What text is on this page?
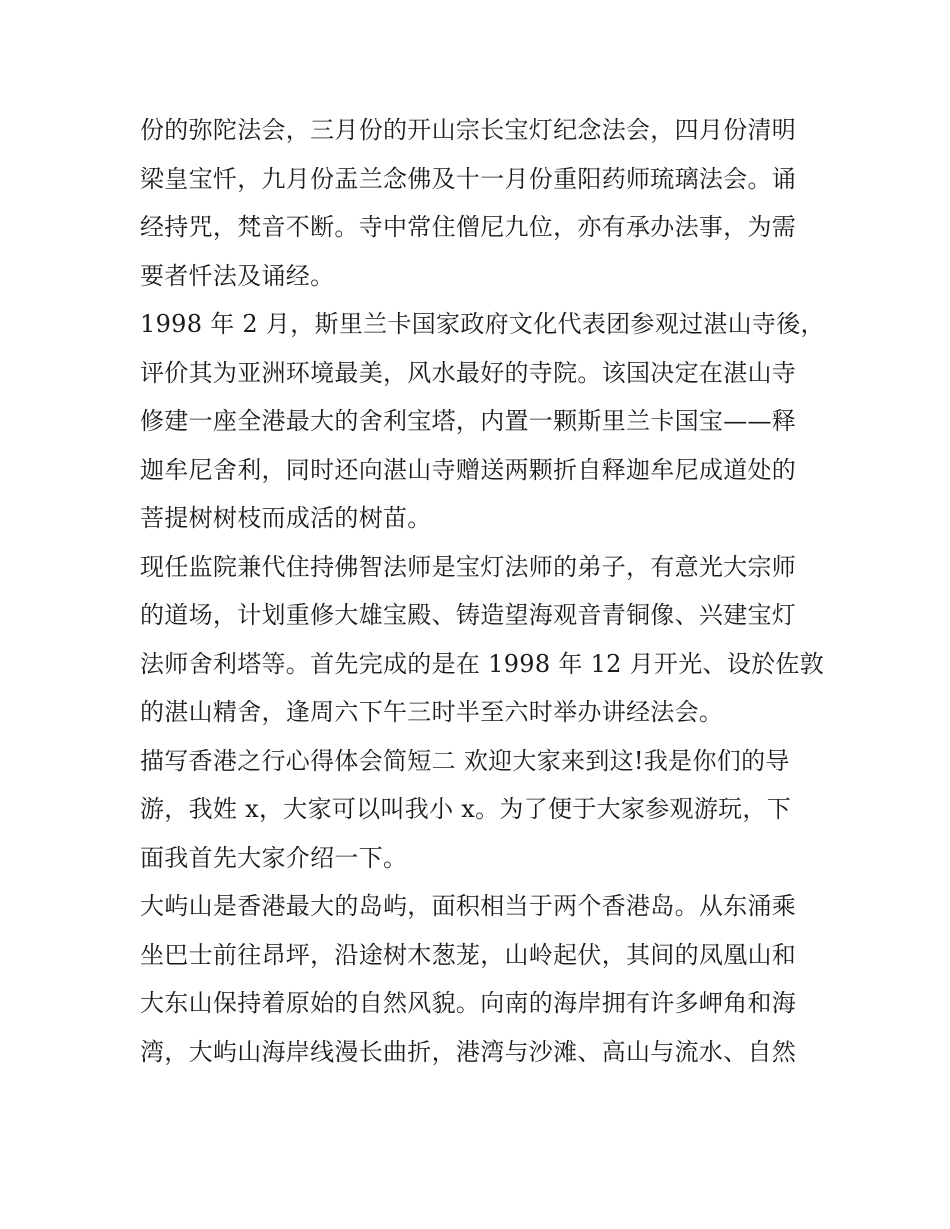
份的弥陀法会，三月份的开山宗长宝灯纪念法会，四月份清明
梁皇宝忏，九月份盂兰念佛及十一月份重阳药师琉璃法会。诵
经持咒，梵音不断。寺中常住僧尼九位，亦有承办法事，为需
要者忏法及诵经。
1998 年 2 月，斯里兰卡国家政府文化代表团参观过湛山寺後，
评价其为亚洲环境最美，风水最好的寺院。该国决定在湛山寺
修建一座全港最大的舍利宝塔，内置一颗斯里兰卡国宝——释
迦牟尼舍利，同时还向湛山寺赠送两颗折自释迦牟尼成道处的
菩提树树枝而成活的树苗。
现任监院兼代住持佛智法师是宝灯法师的弟子，有意光大宗师
的道场，计划重修大雄宝殿、铸造望海观音青铜像、兴建宝灯
法师舍利塔等。首先完成的是在 1998 年 12 月开光、设於佐敦
的湛山精舍，逢周六下午三时半至六时举办讲经法会。
描写香港之行心得体会简短二 欢迎大家来到这!我是你们的导
游，我姓 x，大家可以叫我小 x。为了便于大家参观游玩，下
面我首先大家介绍一下。
大屿山是香港最大的岛屿，面积相当于两个香港岛。从东涌乘
坐巴士前往昂坪，沿途树木葱茏，山岭起伏，其间的凤凰山和
大东山保持着原始的自然风貌。向南的海岸拥有许多岬角和海
湾，大屿山海岸线漫长曲折，港湾与沙滩、高山与流水、自然
